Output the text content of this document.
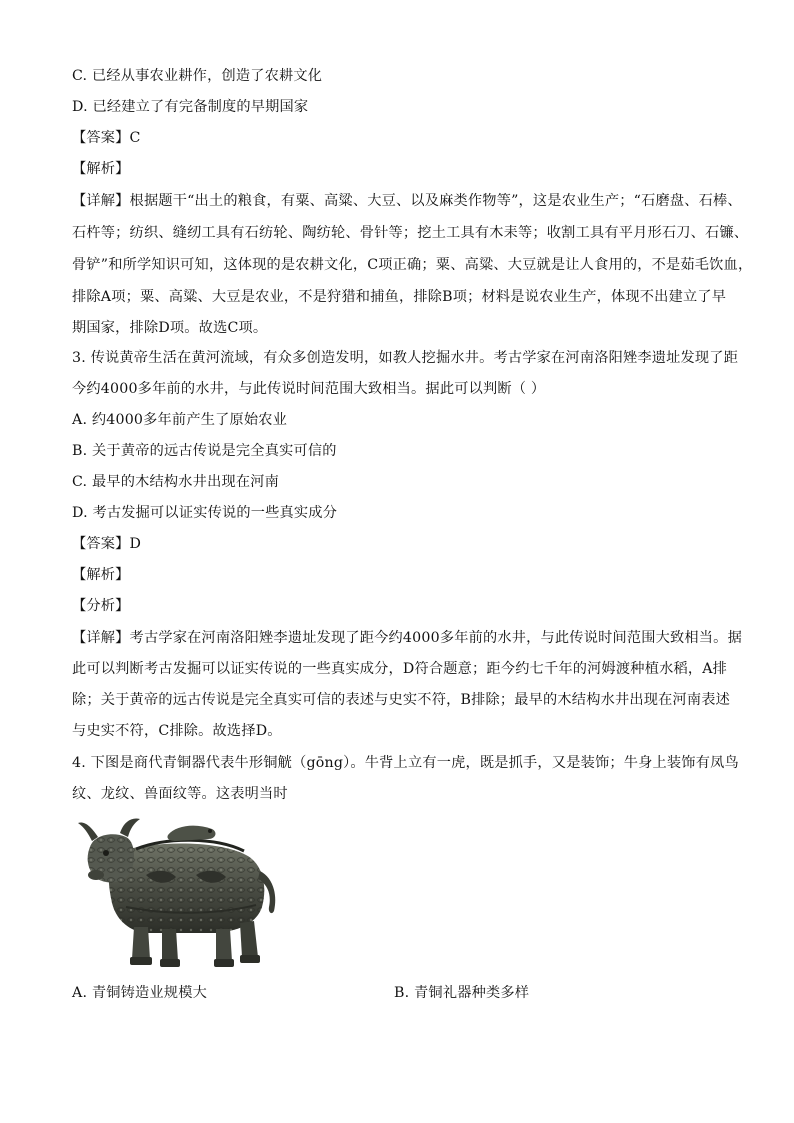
C. 已经从事农业耕作，创造了农耕文化
D. 已经建立了有完备制度的早期国家
【答案】C
【解析】
【详解】根据题干“出土的粮食，有粟、高粱、大豆、以及麻类作物等”，这是农业生产；“石磨盘、石棒、
石杵等；纺织、缝纫工具有石纺轮、陶纺轮、骨针等；挖土工具有木耒等；收割工具有平月形石刀、石镰、
骨铲”和所学知识可知，这体现的是农耕文化，C项正确；粟、高粱、大豆就是让人食用的，不是茹毛饮血，
排除A项；粟、高粱、大豆是农业，不是狩猎和捕鱼，排除B项；材料是说农业生产，体现不出建立了早
期国家，排除D项。故选C项。
3. 传说黄帝生活在黄河流域，有众多创造发明，如教人挖掘水井。考古学家在河南洛阳矬李遗址发现了距
今约4000多年前的水井，与此传说时间范围大致相当。据此可以判断（ ）
A. 约4000多年前产生了原始农业
B. 关于黄帝的远古传说是完全真实可信的
C. 最早的木结构水井出现在河南
D. 考古发掘可以证实传说的一些真实成分
【答案】D
【解析】
【分析】
【详解】考古学家在河南洛阳矬李遗址发现了距今约4000多年前的水井，与此传说时间范围大致相当。据
此可以判断考古发掘可以证实传说的一些真实成分，D符合题意；距今约七千年的河姆渡种植水稻，A排
除；关于黄帝的远古传说是完全真实可信的表述与史实不符，B排除；最早的木结构水井出现在河南表述
与史实不符，C排除。故选择D。
4. 下图是商代青铜器代表牛形铜觥（gōng）。牛背上立有一虎，既是抓手，又是装饰；牛身上装饰有凤鸟
纹、龙纹、兽面纹等。这表明当时
A. 青铜铸造业规模大	B. 青铜礼器种类多样
